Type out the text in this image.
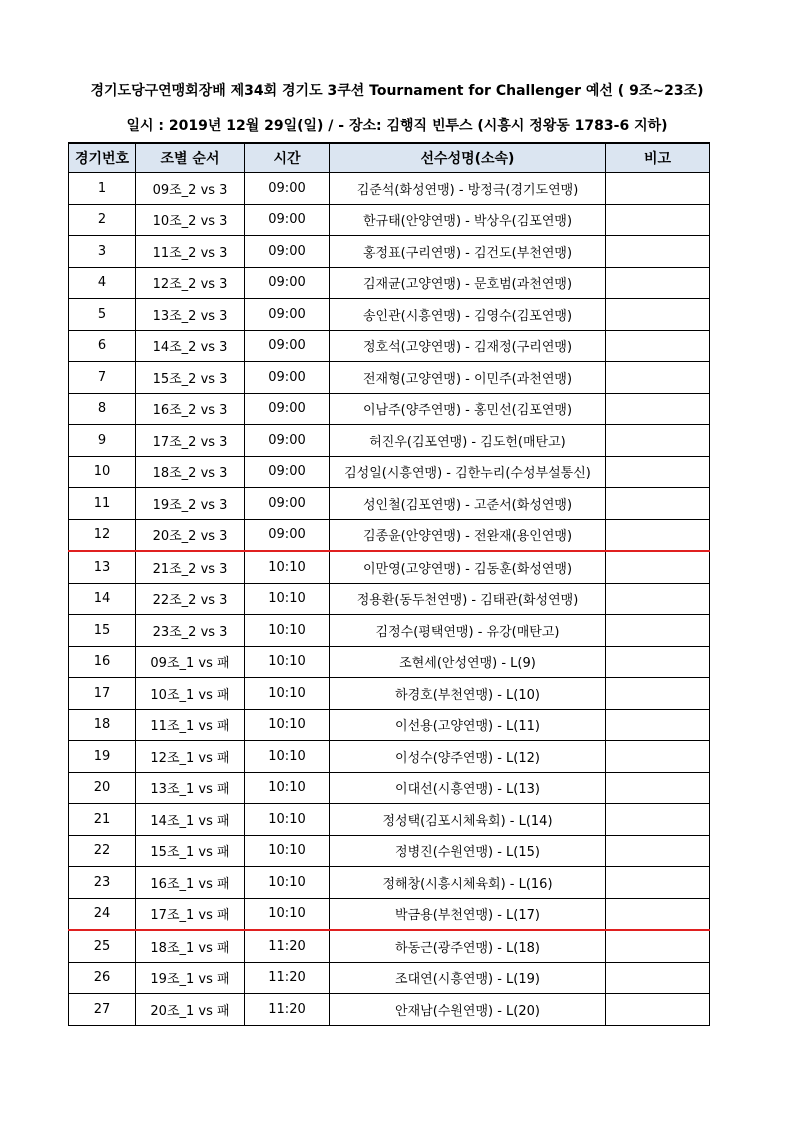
경기도당구연맹회장배 제34회 경기도 3쿠션 Tournament for Challenger 예선 ( 9조~23조)
일시 : 2019년 12월 29일(일) / - 장소: 김행직 빈투스 (시흥시 정왕동 1783-6 지하)
경기번호	조별 순서	시간	선수성명(소속)	비고
1	09조_2 vs 3	09:00	김준석(화성연맹) - 방정극(경기도연맹)	
2	10조_2 vs 3	09:00	한규태(안양연맹) - 박상우(김포연맹)	
3	11조_2 vs 3	09:00	홍정표(구리연맹) - 김건도(부천연맹)	
4	12조_2 vs 3	09:00	김재균(고양연맹) - 문호범(과천연맹)	
5	13조_2 vs 3	09:00	송인관(시흥연맹) - 김영수(김포연맹)	
6	14조_2 vs 3	09:00	정호석(고양연맹) - 김재정(구리연맹)	
7	15조_2 vs 3	09:00	전재형(고양연맹) - 이민주(과천연맹)	
8	16조_2 vs 3	09:00	이남주(양주연맹) - 홍민선(김포연맹)	
9	17조_2 vs 3	09:00	허진우(김포연맹) - 김도헌(매탄고)	
10	18조_2 vs 3	09:00	김성일(시흥연맹) - 김한누리(수성부설통신)	
11	19조_2 vs 3	09:00	성인철(김포연맹) - 고준서(화성연맹)	
12	20조_2 vs 3	09:00	김종윤(안양연맹) - 전완재(용인연맹)	
13	21조_2 vs 3	10:10	이만영(고양연맹) - 김동훈(화성연맹)	
14	22조_2 vs 3	10:10	정용환(동두천연맹) - 김태관(화성연맹)	
15	23조_2 vs 3	10:10	김정수(평택연맹) - 유강(매탄고)	
16	09조_1 vs 패	10:10	조현세(안성연맹) - L(9)	
17	10조_1 vs 패	10:10	하경호(부천연맹) - L(10)	
18	11조_1 vs 패	10:10	이선용(고양연맹) - L(11)	
19	12조_1 vs 패	10:10	이성수(양주연맹) - L(12)	
20	13조_1 vs 패	10:10	이대선(시흥연맹) - L(13)	
21	14조_1 vs 패	10:10	정성택(김포시체육회) - L(14)	
22	15조_1 vs 패	10:10	정병진(수원연맹) - L(15)	
23	16조_1 vs 패	10:10	정해창(시흥시체육회) - L(16)	
24	17조_1 vs 패	10:10	박금용(부천연맹) - L(17)	
25	18조_1 vs 패	11:20	하동근(광주연맹) - L(18)	
26	19조_1 vs 패	11:20	조대연(시흥연맹) - L(19)	
27	20조_1 vs 패	11:20	안재남(수원연맹) - L(20)	
